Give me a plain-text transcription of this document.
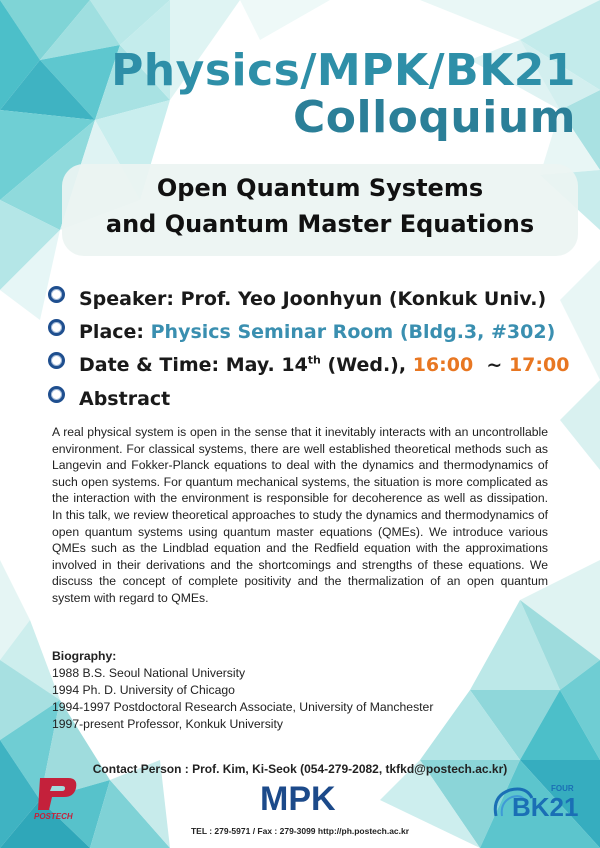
Physics/MPK/BK21
Colloquium
Open Quantum Systems
and Quantum Master Equations
Speaker: Prof. Yeo Joonhyun (Konkuk Univ.)
Place: Physics Seminar Room (Bldg.3, #302)
Date & Time: May. 14th (Wed.), 16:00  ~ 17:00
Abstract
A real physical system is open in the sense that it inevitably interacts with an uncontrollable environment. For classical systems, there are well established theoretical methods such as Langevin and Fokker-Planck equations to deal with the dynamics and thermodynamics of such open systems. For quantum mechanical systems, the situation is more complicated as the interaction with the environment is responsible for decoherence as well as dissipation. In this talk, we review theoretical approaches to study the dynamics and thermodynamics of open quantum systems using quantum master equations (QMEs). We introduce various QMEs such as the Lindblad equation and the Redfield equation with the approximations involved in their derivations and the shortcomings and strengths of these equations. We discuss the concept of complete positivity and the thermalization of an open quantum system with regard to QMEs.
Biography:
1988 B.S. Seoul National University
1994 Ph. D. University of Chicago
1994-1997 Postdoctoral Research Associate, University of Manchester
1997-present Professor, Konkuk University
Contact Person : Prof. Kim, Ki-Seok (054-279-2082, tkfkd@postech.ac.kr)
POSTECH	MPK	FOUR
BK21
TEL : 279-5971 / Fax : 279-3099 http://ph.postech.ac.kr
